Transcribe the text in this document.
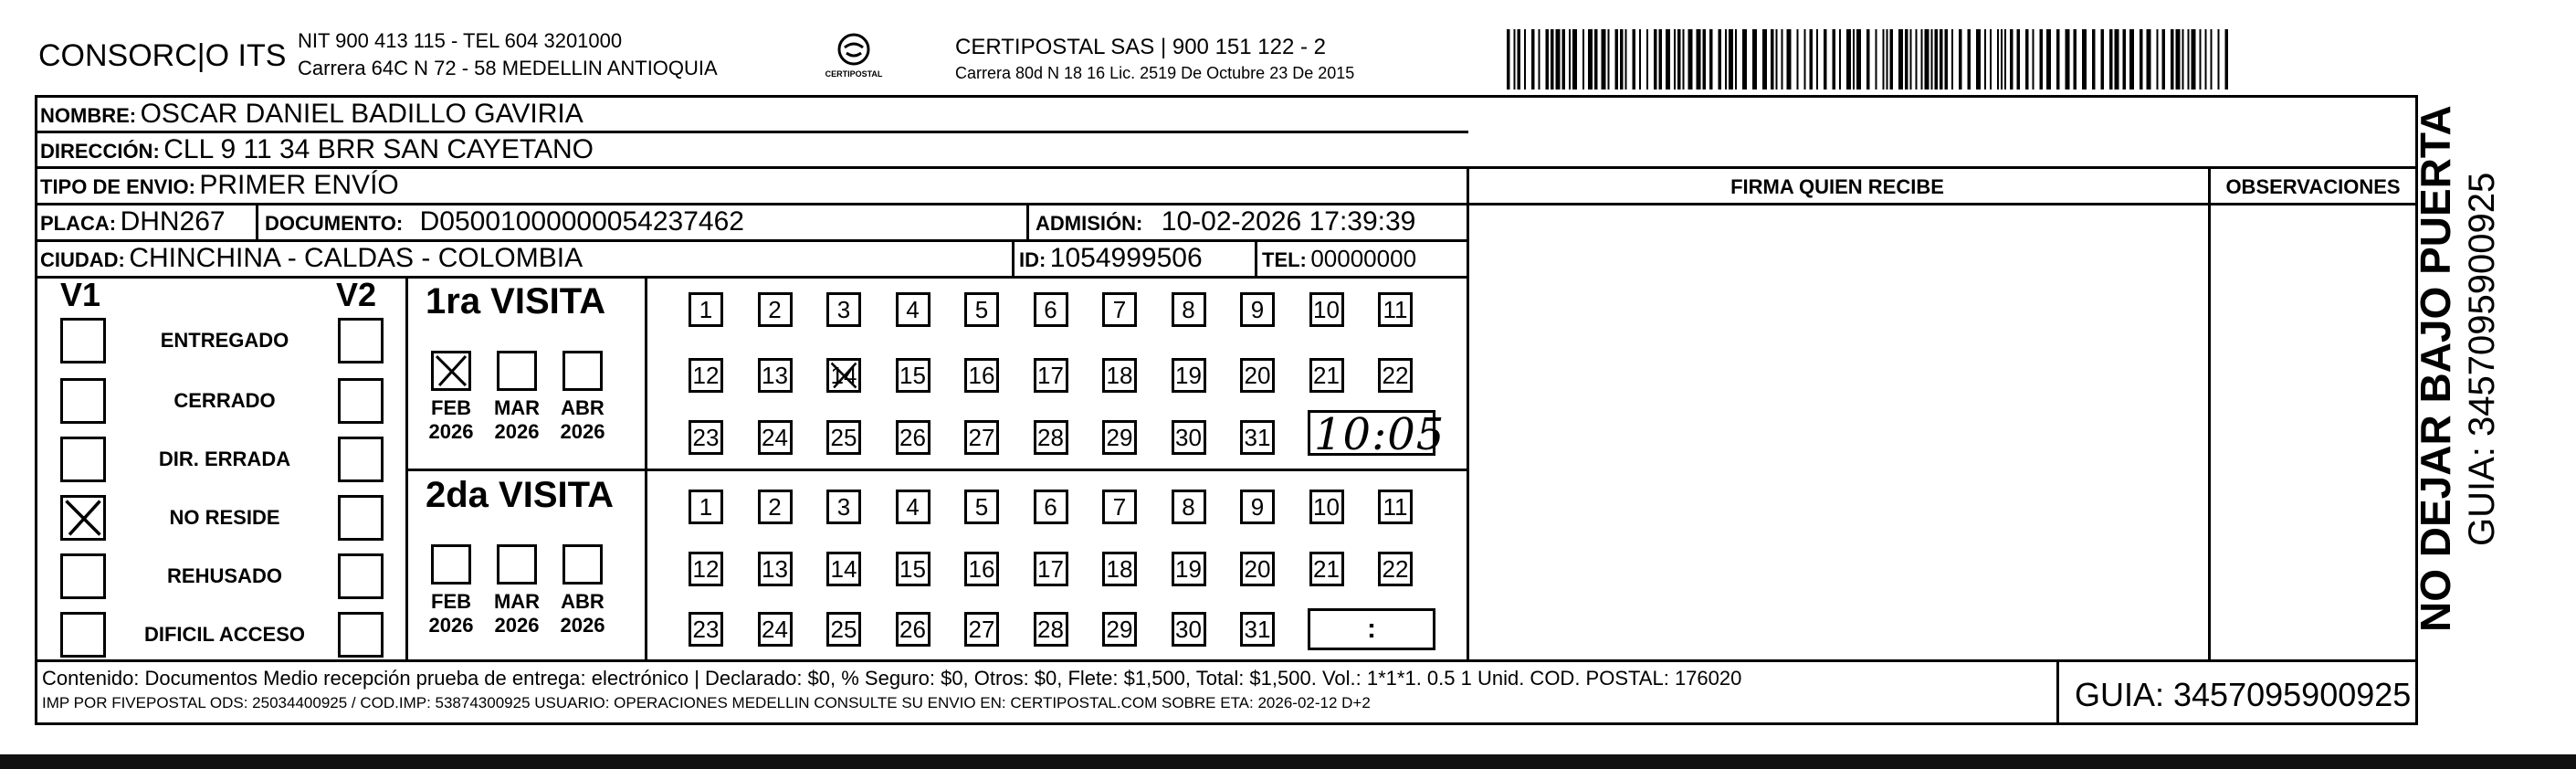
CONSORC|O ITS NIT 900 413 115 - TEL 604 3201000
Carrera 64C N 72 - 58 MEDELLIN ANTIOQUIA	CERTIPOSTAL
CERTIPOSTAL SAS | 900 151 122 - 2
Carrera 80d N 18 16 Lic. 2519 De Octubre 23 De 2015
NOMBRE: OSCAR DANIEL BADILLO GAVIRIA
DIRECCIÓN: CLL 9 11 34 BRR SAN CAYETANO
TIPO DE ENVIO: PRIMER ENVÍO
PLACA: DHN267 DOCUMENTO: D05001000000054237462	ADMISIÓN: 10-02-2026 17:39:39
CIUDAD: CHINCHINA - CALDAS - COLOMBIA	ID: 1054999506	TEL: 00000000
FIRMA QUIEN RECIBE	OBSERVACIONES NO DEJAR BAJO PUERTA GUIA: 3457095900925
V1	V2
ENTREGADO
CERRADO
DIR. ERRADA
NO RESIDE
REHUSADO
DIFICIL ACCESO
1ra VISITA
FEB
2026
MAR
2026
ABR
2026
1 2 3 4 5 6 7 8 9 10 11
12 13 14 15 16 17 18 19 20 21 22
23 24 25 26 27 28 29 30 31 10:05
2da VISITA
FEB
2026
MAR
2026
ABR
2026
1 2 3 4 5 6 7 8 9 10 11
12 13 14 15 16 17 18 19 20 21 22
23 24 25 26 27 28 29 30 31	:
Contenido: Documentos Medio recepción prueba de entrega: electrónico | Declarado: $0, % Seguro: $0, Otros: $0, Flete: $1,500, Total: $1,500. Vol.: 1*1*1. 0.5 1 Unid. COD. POSTAL: 176020
IMP POR FIVEPOSTAL ODS: 25034400925 / COD.IMP: 53874300925 USUARIO: OPERACIONES MEDELLIN CONSULTE SU ENVIO EN: CERTIPOSTAL.COM SOBRE ETA: 2026-02-12 D+2	GUIA: 3457095900925
